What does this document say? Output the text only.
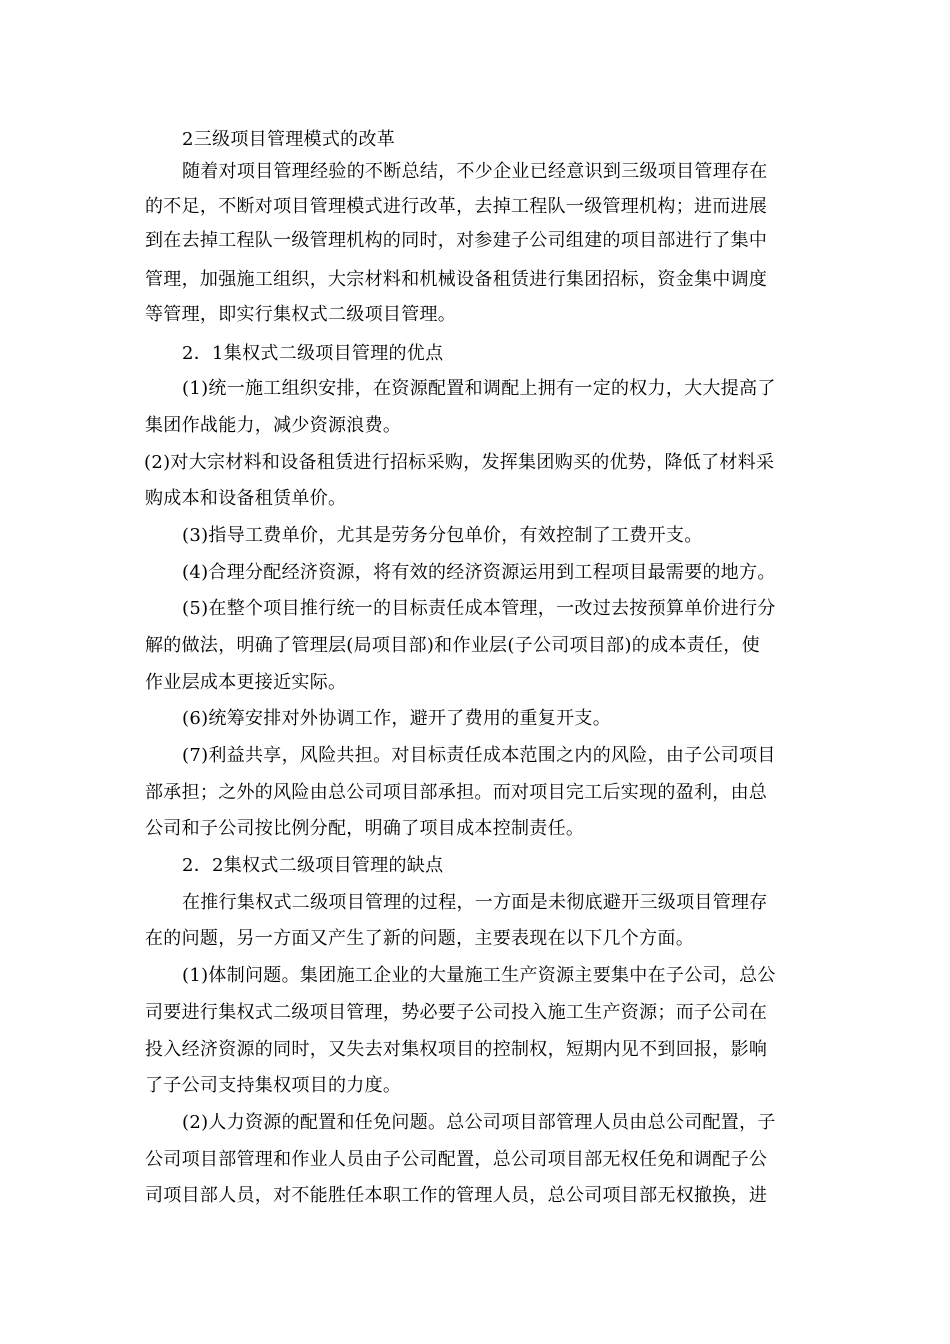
2三级项目管理模式的改革
随着对项目管理经验的不断总结，不少企业已经意识到三级项目管理存在
的不足，不断对项目管理模式进行改革，去掉工程队一级管理机构；进而进展
到在去掉工程队一级管理机构的同时，对参建子公司组建的项目部进行了集中
管理，加强施工组织，大宗材料和机械设备租赁进行集团招标，资金集中调度
等管理，即实行集权式二级项目管理。
2．1集权式二级项目管理的优点
(1)统一施工组织安排，在资源配置和调配上拥有一定的权力，大大提高了
集团作战能力，减少资源浪费。
(2)对大宗材料和设备租赁进行招标采购，发挥集团购买的优势，降低了材料采
购成本和设备租赁单价。
(3)指导工费单价，尤其是劳务分包单价，有效控制了工费开支。
(4)合理分配经济资源，将有效的经济资源运用到工程项目最需要的地方。
(5)在整个项目推行统一的目标责任成本管理，一改过去按预算单价进行分
解的做法，明确了管理层(局项目部)和作业层(子公司项目部)的成本责任，使
作业层成本更接近实际。
(6)统筹安排对外协调工作，避开了费用的重复开支。
(7)利益共享，风险共担。对目标责任成本范围之内的风险，由子公司项目
部承担；之外的风险由总公司项目部承担。而对项目完工后实现的盈利，由总
公司和子公司按比例分配，明确了项目成本控制责任。
2．2集权式二级项目管理的缺点
在推行集权式二级项目管理的过程，一方面是未彻底避开三级项目管理存
在的问题，另一方面又产生了新的问题，主要表现在以下几个方面。
(1)体制问题。集团施工企业的大量施工生产资源主要集中在子公司，总公
司要进行集权式二级项目管理，势必要子公司投入施工生产资源；而子公司在
投入经济资源的同时，又失去对集权项目的控制权，短期内见不到回报，影响
了子公司支持集权项目的力度。
(2)人力资源的配置和任免问题。总公司项目部管理人员由总公司配置，子
公司项目部管理和作业人员由子公司配置，总公司项目部无权任免和调配子公
司项目部人员，对不能胜任本职工作的管理人员，总公司项目部无权撤换，进
